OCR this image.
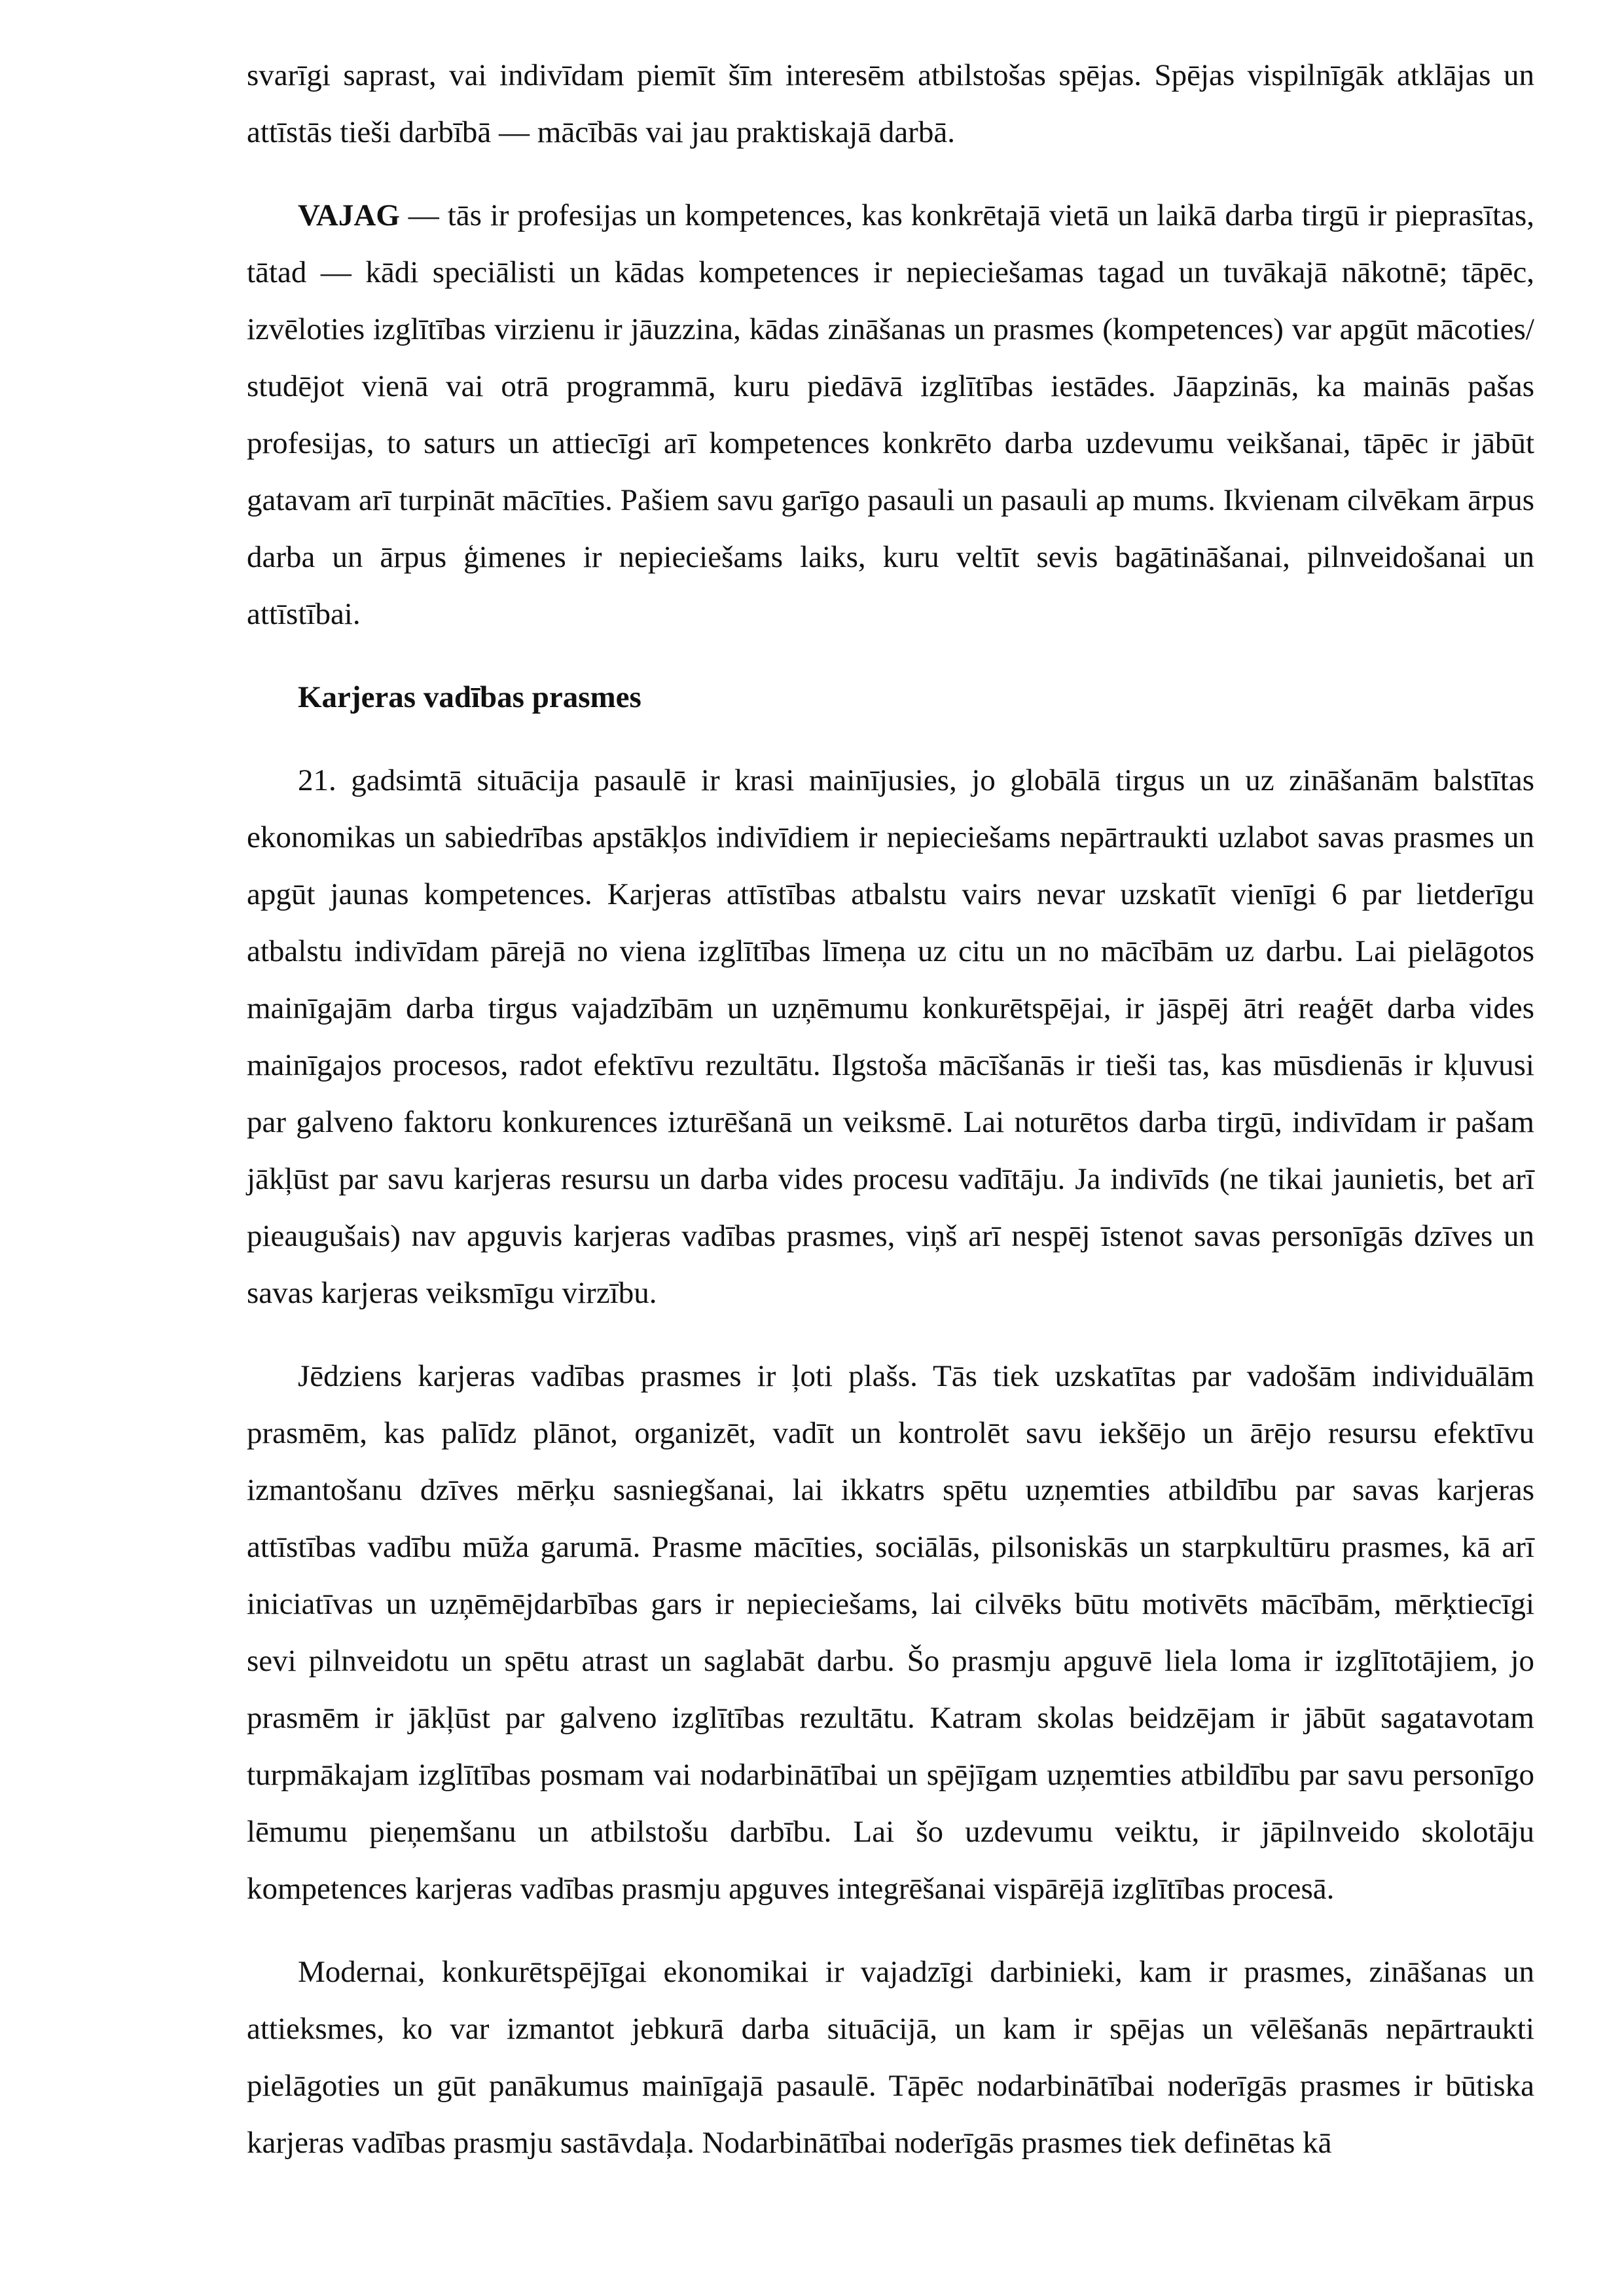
svarīgi saprast, vai indivīdam piemīt šīm interesēm atbilstošas spējas. Spējas vispilnīgāk atklājas un attīstās tieši darbībā — mācībās vai jau praktiskajā darbā.

VAJAG — tās ir profesijas un kompetences, kas konkrētajā vietā un laikā darba tirgū ir pieprasītas, tātad — kādi speciālisti un kādas kompetences ir nepieciešamas tagad un tuvākajā nākotnē; tāpēc, izvēloties izglītības virzienu ir jāuzzina, kādas zināšanas un prasmes (kompetences) var apgūt mācoties/ studējot vienā vai otrā programmā, kuru piedāvā izglītības iestādes. Jāapzinās, ka mainās pašas profesijas, to saturs un attiecīgi arī kompetences konkrēto darba uzdevumu veikšanai, tāpēc ir jābūt gatavam arī turpināt mācīties. Pašiem savu garīgo pasauli un pasauli ap mums. Ikvienam cilvēkam ārpus darba un ārpus ģimenes ir nepieciešams laiks, kuru veltīt sevis bagātināšanai, pilnveidošanai un attīstībai.

Karjeras vadības prasmes

21. gadsimtā situācija pasaulē ir krasi mainījusies, jo globālā tirgus un uz zināšanām balstītas ekonomikas un sabiedrības apstākļos indivīdiem ir nepieciešams nepārtraukti uzlabot savas prasmes un apgūt jaunas kompetences. Karjeras attīstības atbalstu vairs nevar uzskatīt vienīgi 6 par lietderīgu atbalstu indivīdam pārejā no viena izglītības līmeņa uz citu un no mācībām uz darbu. Lai pielāgotos mainīgajām darba tirgus vajadzībām un uzņēmumu konkurētspējai, ir jāspēj ātri reaģēt darba vides mainīgajos procesos, radot efektīvu rezultātu. Ilgstoša mācīšanās ir tieši tas, kas mūsdienās ir kļuvusi par galveno faktoru konkurences izturēšanā un veiksmē. Lai noturētos darba tirgū, indivīdam ir pašam jākļūst par savu karjeras resursu un darba vides procesu vadītāju. Ja indivīds (ne tikai jaunietis, bet arī pieaugušais) nav apguvis karjeras vadības prasmes, viņš arī nespēj īstenot savas personīgās dzīves un savas karjeras veiksmīgu virzību.

Jēdziens karjeras vadības prasmes ir ļoti plašs. Tās tiek uzskatītas par vadošām individuālām prasmēm, kas palīdz plānot, organizēt, vadīt un kontrolēt savu iekšējo un ārējo resursu efektīvu izmantošanu dzīves mērķu sasniegšanai, lai ikkatrs spētu uzņemties atbildību par savas karjeras attīstības vadību mūža garumā. Prasme mācīties, sociālās, pilsoniskās un starpkultūru prasmes, kā arī iniciatīvas un uzņēmējdarbības gars ir nepieciešams, lai cilvēks būtu motivēts mācībām, mērķtiecīgi sevi pilnveidotu un spētu atrast un saglabāt darbu. Šo prasmju apguvē liela loma ir izglītotājiem, jo prasmēm ir jākļūst par galveno izglītības rezultātu. Katram skolas beidzējam ir jābūt sagatavotam turpmākajam izglītības posmam vai nodarbinātībai un spējīgam uzņemties atbildību par savu personīgo lēmumu pieņemšanu un atbilstošu darbību. Lai šo uzdevumu veiktu, ir jāpilnveido skolotāju kompetences karjeras vadības prasmju apguves integrēšanai vispārējā izglītības procesā.

Modernai, konkurētspējīgai ekonomikai ir vajadzīgi darbinieki, kam ir prasmes, zināšanas un attieksmes, ko var izmantot jebkurā darba situācijā, un kam ir spējas un vēlēšanās nepārtraukti pielāgoties un gūt panākumus mainīgajā pasaulē. Tāpēc nodarbinātībai noderīgās prasmes ir būtiska karjeras vadības prasmju sastāvdaļa. Nodarbinātībai noderīgās prasmes tiek definētas kā
